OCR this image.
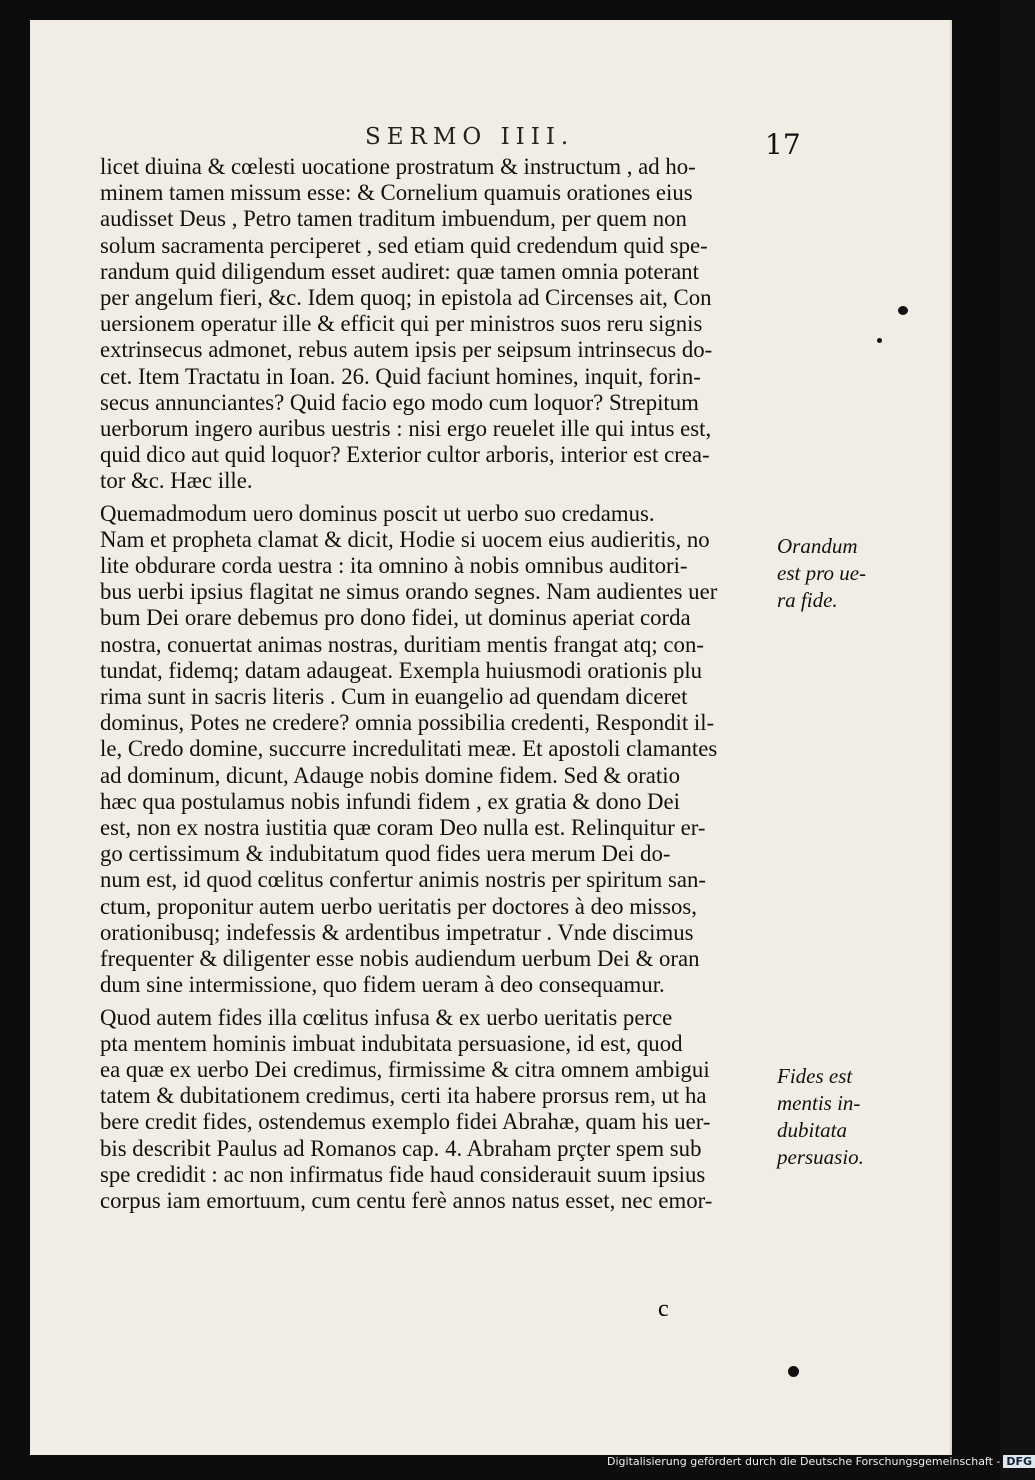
SERMO IIII.	17
licet diuina & cœlesti uocatione prostratum & instructum , ad ho-
minem tamen missum esse: & Cornelium quamuis orationes eius
audisset Deus , Petro tamen traditum imbuendum, per quem non
solum sacramenta perciperet , sed etiam quid credendum quid spe-
randum quid diligendum esset audiret: quæ tamen omnia poterant
per angelum fieri, &c. Idem quoq; in epistola ad Circenses ait, Con
uersionem operatur ille & efficit qui per ministros suos reru signis
extrinsecus admonet, rebus autem ipsis per seipsum intrinsecus do-
cet. Item Tractatu in Ioan. 26. Quid faciunt homines, inquit, forin-
secus annunciantes? Quid facio ego modo cum loquor? Strepitum
uerborum ingero auribus uestris : nisi ergo reuelet ille qui intus est,
quid dico aut quid loquor? Exterior cultor arboris, interior est crea-
tor &c. Hæc ille.
Quemadmodum uero dominus poscit ut uerbo suo credamus.
Nam et propheta clamat & dicit, Hodie si uocem eius audieritis, no
lite obdurare corda uestra : ita omnino à nobis omnibus auditori-
bus uerbi ipsius flagitat ne simus orando segnes. Nam audientes uer
bum Dei orare debemus pro dono fidei, ut dominus aperiat corda
nostra, conuertat animas nostras, duritiam mentis frangat atq; con-
tundat, fidemq; datam adaugeat. Exempla huiusmodi orationis plu
rima sunt in sacris literis . Cum in euangelio ad quendam diceret
dominus, Potes ne credere? omnia possibilia credenti, Respondit il-
le, Credo domine, succurre incredulitati meæ. Et apostoli clamantes
ad dominum, dicunt, Adauge nobis domine fidem. Sed & oratio
hæc qua postulamus nobis infundi fidem , ex gratia & dono Dei
est, non ex nostra iustitia quæ coram Deo nulla est. Relinquitur er-
go certissimum & indubitatum quod fides uera merum Dei do-
num est, id quod cœlitus confertur animis nostris per spiritum san-
ctum, proponitur autem uerbo ueritatis per doctores à deo missos,
orationibusq; indefessis & ardentibus impetratur . Vnde discimus
frequenter & diligenter esse nobis audiendum uerbum Dei & oran
dum sine intermissione, quo fidem ueram à deo consequamur.
Quod autem fides illa cœlitus infusa & ex uerbo ueritatis perce
pta mentem hominis imbuat indubitata persuasione, id est, quod
ea quæ ex uerbo Dei credimus, firmissime & citra omnem ambigui
tatem & dubitationem credimus, certi ita habere prorsus rem, ut ha
bere credit fides, ostendemus exemplo fidei Abrahæ, quam his uer-
bis describit Paulus ad Romanos cap. 4. Abraham prçter spem sub
spe credidit : ac non infirmatus fide haud considerauit suum ipsius
corpus iam emortuum, cum centu ferè annos natus esset, nec emor-
Orandum
est pro ue-
ra fide.
Fides est
mentis in-
dubitata
persuasio.
c
Digitalisierung gefördert durch die Deutsche Forschungsgemeinschaft - DFG
